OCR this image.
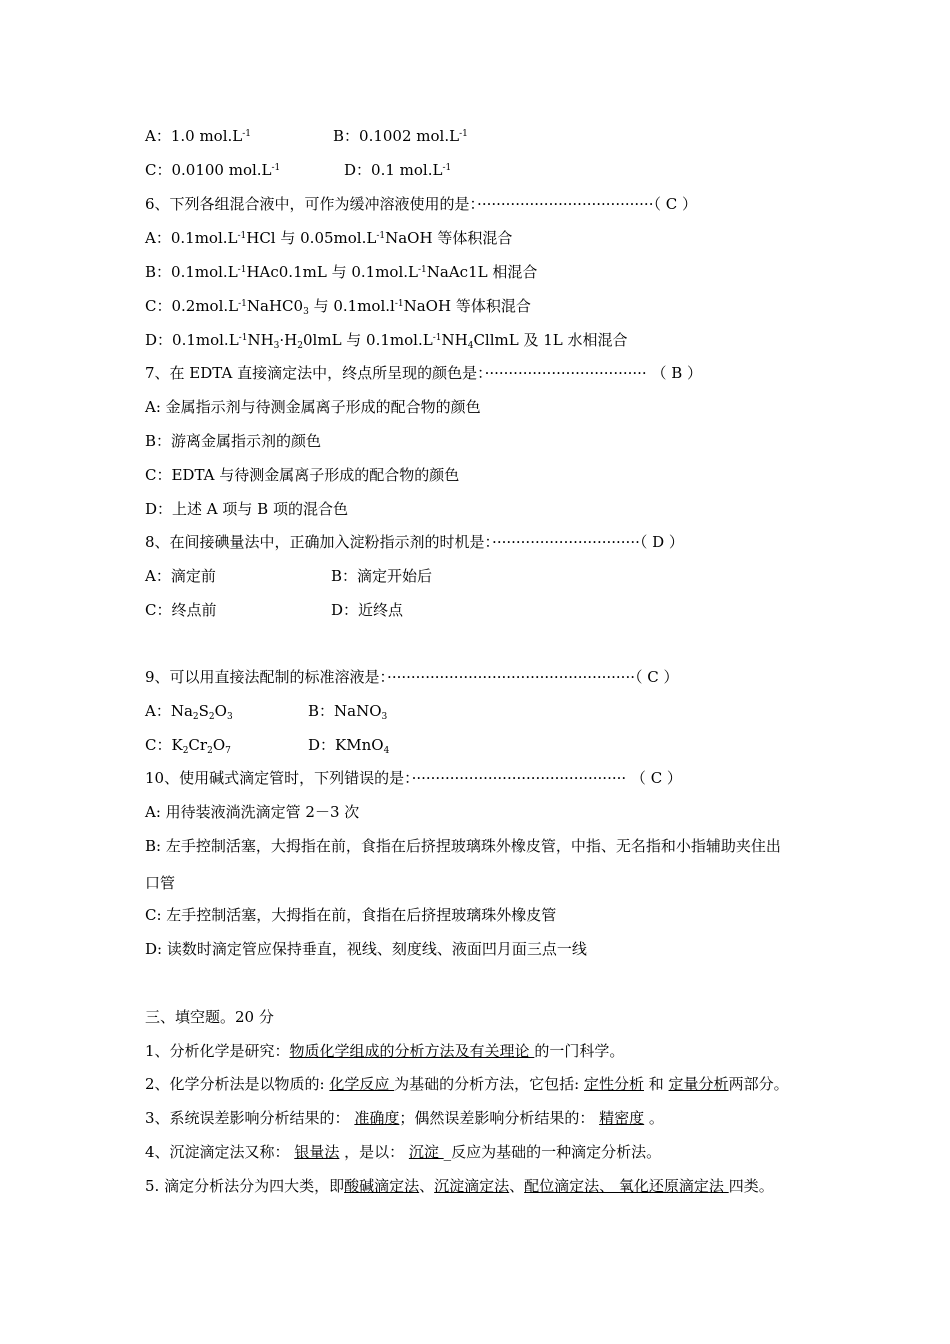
A：1.0 $mol.L^{-1}$	B：0.1002 $mol.L^{-1}$
C：0.0100 $mol.L^{-1}$	D：0.1 $mol.L^{-1}$
6、下列各组混合液中，可作为缓冲溶液使用的是：·····································（ C ）
A：$0.1mol.L^{-1}HCl$ 与 $0.05mol.L^{-1}NaOH$ 等体积混合
B：$0.1mol.L^{-1}HAc0.1mL$ 与 $0.1mol.L^{-1}NaAc1L$ 相混合
C：$0.2mol.L^{-1}NaHC0_3$ 与 $0.1mol.l^{-1}NaOH$ 等体积混合
D：$0.1mol.L^{-1}NH_3\cdot H_20lmL$ 与 $0.1mol.L^{-1}NH_4CllmL$ 及 1L 水相混合
7、在 EDTA 直接滴定法中，终点所呈现的颜色是：·································· （ B ）
A: 金属指示剂与待测金属离子形成的配合物的颜色
B：游离金属指示剂的颜色
C：EDTA 与待测金属离子形成的配合物的颜色
D：上述 A 项与 B 项的混合色
8、在间接碘量法中，正确加入淀粉指示剂的时机是：·······························（ D ）
A：滴定前	B：滴定开始后
C：终点前	D：近终点
9、可以用直接法配制的标准溶液是：····················································（ C ）
A：$Na_2S_2O_3$	B：NaNO$_3$
C：$K_2Cr_2O_7$	D：KMnO$_4$
10、使用碱式滴定管时，下列错误的是：············································· （ C ）
A: 用待装液淌洗滴定管 2－3 次
B: 左手控制活塞，大拇指在前，食指在后挤捏玻璃珠外橡皮管，中指、无名指和小指辅助夹住出
口管
C: 左手控制活塞，大拇指在前，食指在后挤捏玻璃珠外橡皮管
D: 读数时滴定管应保持垂直，视线、刻度线、液面凹月面三点一线
三、填空题。20 分
1、分析化学是研究：物质化学组成的分析方法及有关理论 的一门科学。
2、化学分析法是以物质的: 化学反应 为基础的分析方法，它包括: 定性分析 和 定量分析两部分。
3、系统误差影响分析结果的： 准确度；偶然误差影响分析结果的： 精密度 。
4、沉淀滴定法又称： 银量法 ，是以： 沉淀 _反应为基础的一种滴定分析法。
5. 滴定分析法分为四大类，即酸碱滴定法、沉淀滴定法、配位滴定法、 氧化还原滴定法 四类。
